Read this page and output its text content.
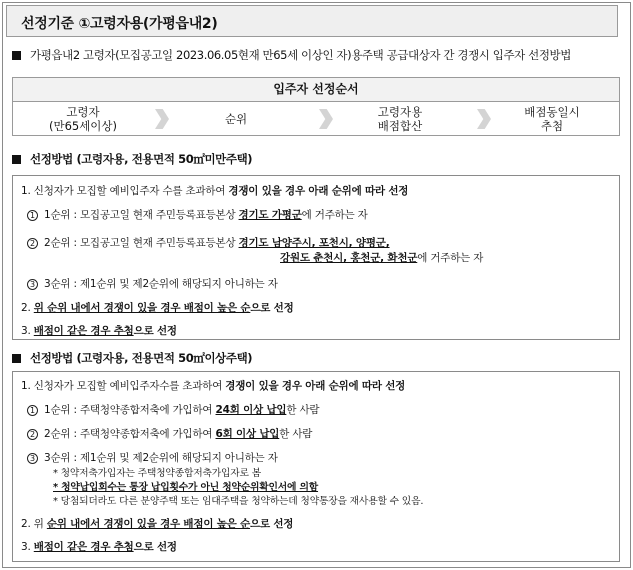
선정기준 ①고령자용(가평읍내2)
가평읍내2 고령자(모집공고일 2023.06.05현재 만65세 이상인 자)용주택 공급대상자 간 경쟁시 입주자 선정방법
입주자 선정순서
고령자
(만65세이상)	순위	고령자용
배점합산
배점동일시
추첨
선정방법 (고령자용, 전용면적 50㎡미만주택)
1. 신청자가 모집할 예비입주자 수를 초과하여 경쟁이 있을 경우 아래 순위에 따라 선정
1 1순위 : 모집공고일 현재 주민등록표등본상 경기도 가평군에 거주하는 자
2 2순위 : 모집공고일 현재 주민등록표등본상 경기도 남양주시, 포천시, 양평군,
강원도 춘천시, 홍천군, 화천군에 거주하는 자
3 3순위 : 제1순위 및 제2순위에 해당되지 아니하는 자
2. 위 순위 내에서 경쟁이 있을 경우 배점이 높은 순으로 선정
3. 배점이 같은 경우 추첨으로 선정
선정방법 (고령자용, 전용면적 50㎡이상주택)
1. 신청자가 모집할 예비입주자수를 초과하여 경쟁이 있을 경우 아래 순위에 따라 선정
1 1순위 : 주택청약종합저축에 가입하여 24회 이상 납입한 사람
2 2순위 : 주택청약종합저축에 가입하여 6회 이상 납입한 사람
3 3순위 : 제1순위 및 제2순위에 해당되지 아니하는 자
* 청약저축가입자는 주택청약종합저축가입자로 봄
* 청약납입회수는 통장 납입횟수가 아닌 청약순위확인서에 의함
* 당첨되더라도 다른 분양주택 또는 임대주택을 청약하는데 청약통장을 재사용할 수 있음.
2. 위 순위 내에서 경쟁이 있을 경우 배점이 높은 순으로 선정
3. 배점이 같은 경우 추첨으로 선정
